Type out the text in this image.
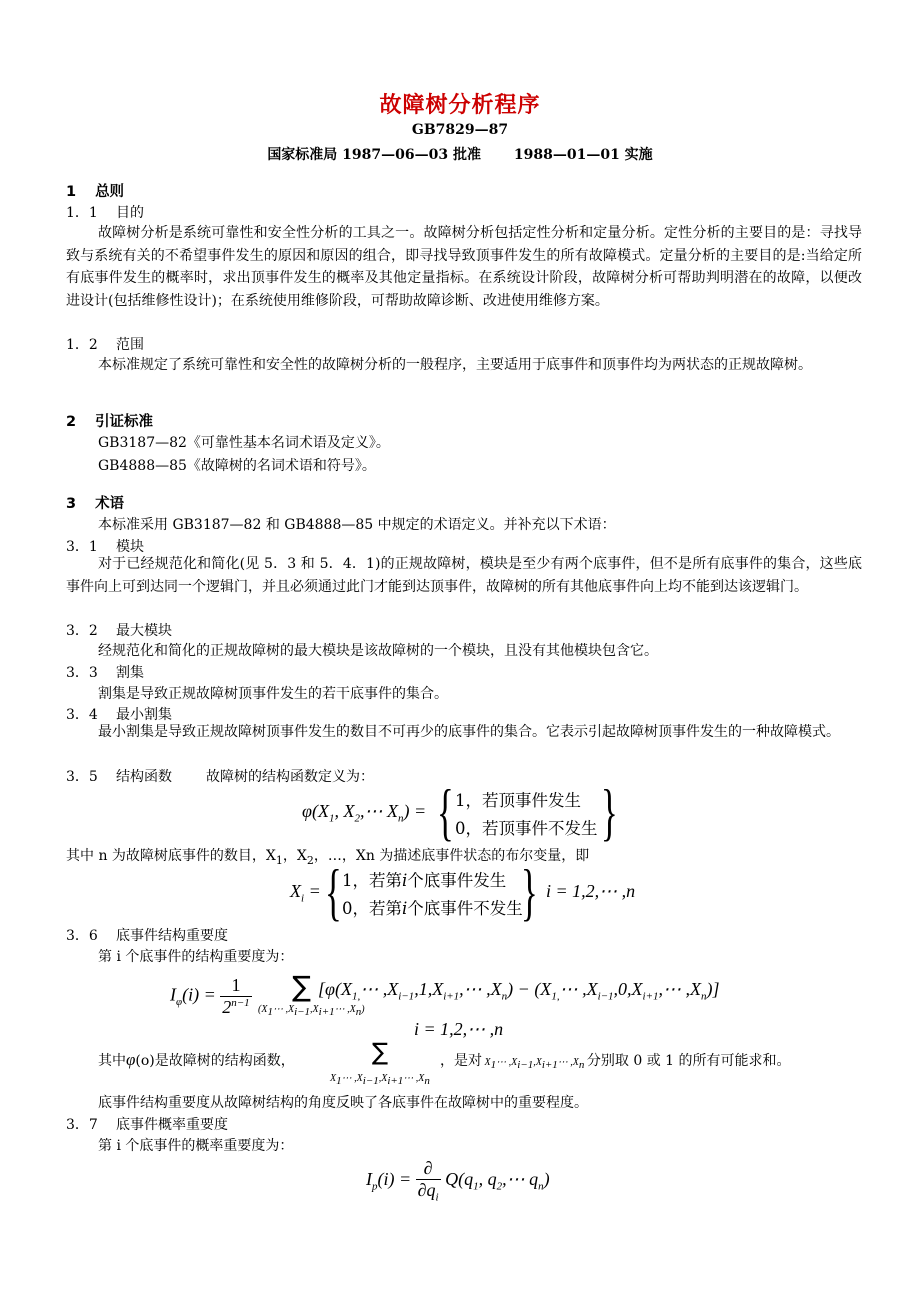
故障树分析程序
GB7829—87
国家标准局 1987—06—03 批准 1988—01—01 实施
1 总则
1．1 目的
故障树分析是系统可靠性和安全性分析的工具之一。故障树分析包括定性分析和定量分析。定性分析的主要目的是：寻找导致与系统有关的不希望事件发生的原因和原因的组合，即寻找导致顶事件发生的所有故障模式。定量分析的主要目的是:当给定所有底事件发生的概率时，求出顶事件发生的概率及其他定量指标。在系统设计阶段，故障树分析可帮助判明潜在的故障，以便改进设计(包括维修性设计)；在系统使用维修阶段，可帮助故障诊断、改进使用维修方案。
1．2 范围
本标准规定了系统可靠性和安全性的故障树分析的一般程序，主要适用于底事件和顶事件均为两状态的正规故障树。
2 引证标准
GB3187—82《可靠性基本名词术语及定义》。
GB4888—85《故障树的名词术语和符号》。
3 术语
本标准采用 GB3187—82 和 GB4888—85 中规定的术语定义。并补充以下术语：
3．1 模块
对于已经规范化和简化(见 5．3 和 5．4．1)的正规故障树，模块是至少有两个底事件，但不是所有底事件的集合，这些底事件向上可到达同一个逻辑门，并且必须通过此门才能到达顶事件，故障树的所有其他底事件向上均不能到达该逻辑门。
3．2 最大模块
经规范化和简化的正规故障树的最大模块是该故障树的一个模块，且没有其他模块包含它。
3．3 割集
割集是导致正规故障树顶事件发生的若干底事件的集合。
3．4 最小割集
最小割集是导致正规故障树顶事件发生的数目不可再少的底事件的集合。它表示引起故障树顶事件发生的一种故障模式。
3．5 结构函数 故障树的结构函数定义为：
$\varphi(X_1$, $X_2,\cdots$ $X_n$) = { 1，若顶事件发生
0，若顶事件不发生 }
其中 n 为故障树底事件的数目，$X_1$，$X_2$，…，Xn 为描述底事件状态的布尔变量，即
$X_i$ = { 1，若第i个底事件发生
0，若第i个底事件不发生
} i = 1,2,⋯ ,n
3．6 底事件结构重要度
第 i 个底事件的结构重要度为：
$I_\varphi(i) = \frac{1}{2^{n-1}}$ ∑ [$\varphi(X_{1,}\cdots$ $,X_{i-1},1,X_{i+1},\cdots$ $,X_n$) − ($X_{1,}\cdots$ $,X_{i-1},0,X_{i+1},\cdots$ $,X_n$)]
($X_1\cdots$ $,X_{i-1},X_{i+1}\cdots$ $,X_n$)
i = 1,2,⋯ ,n
其中φ(o)是故障树的结构函数，	∑
$X_1\cdots$ $,X_{i-1},X_{i+1}\cdots$ $,X_n$
，是对 $X_1\cdots$ $,X_{i-1},X_{i+1}\cdots$ $,X_n$ 分别取 0 或 1 的所有可能求和。
底事件结构重要度从故障树结构的角度反映了各底事件在故障树中的重要程度。
3．7 底事件概率重要度
第 i 个底事件的概率重要度为：
$I_p(i) = \frac{\partial}{\partial q_i} Q(q_1$, $q_2,\cdots$ $q_n$)
